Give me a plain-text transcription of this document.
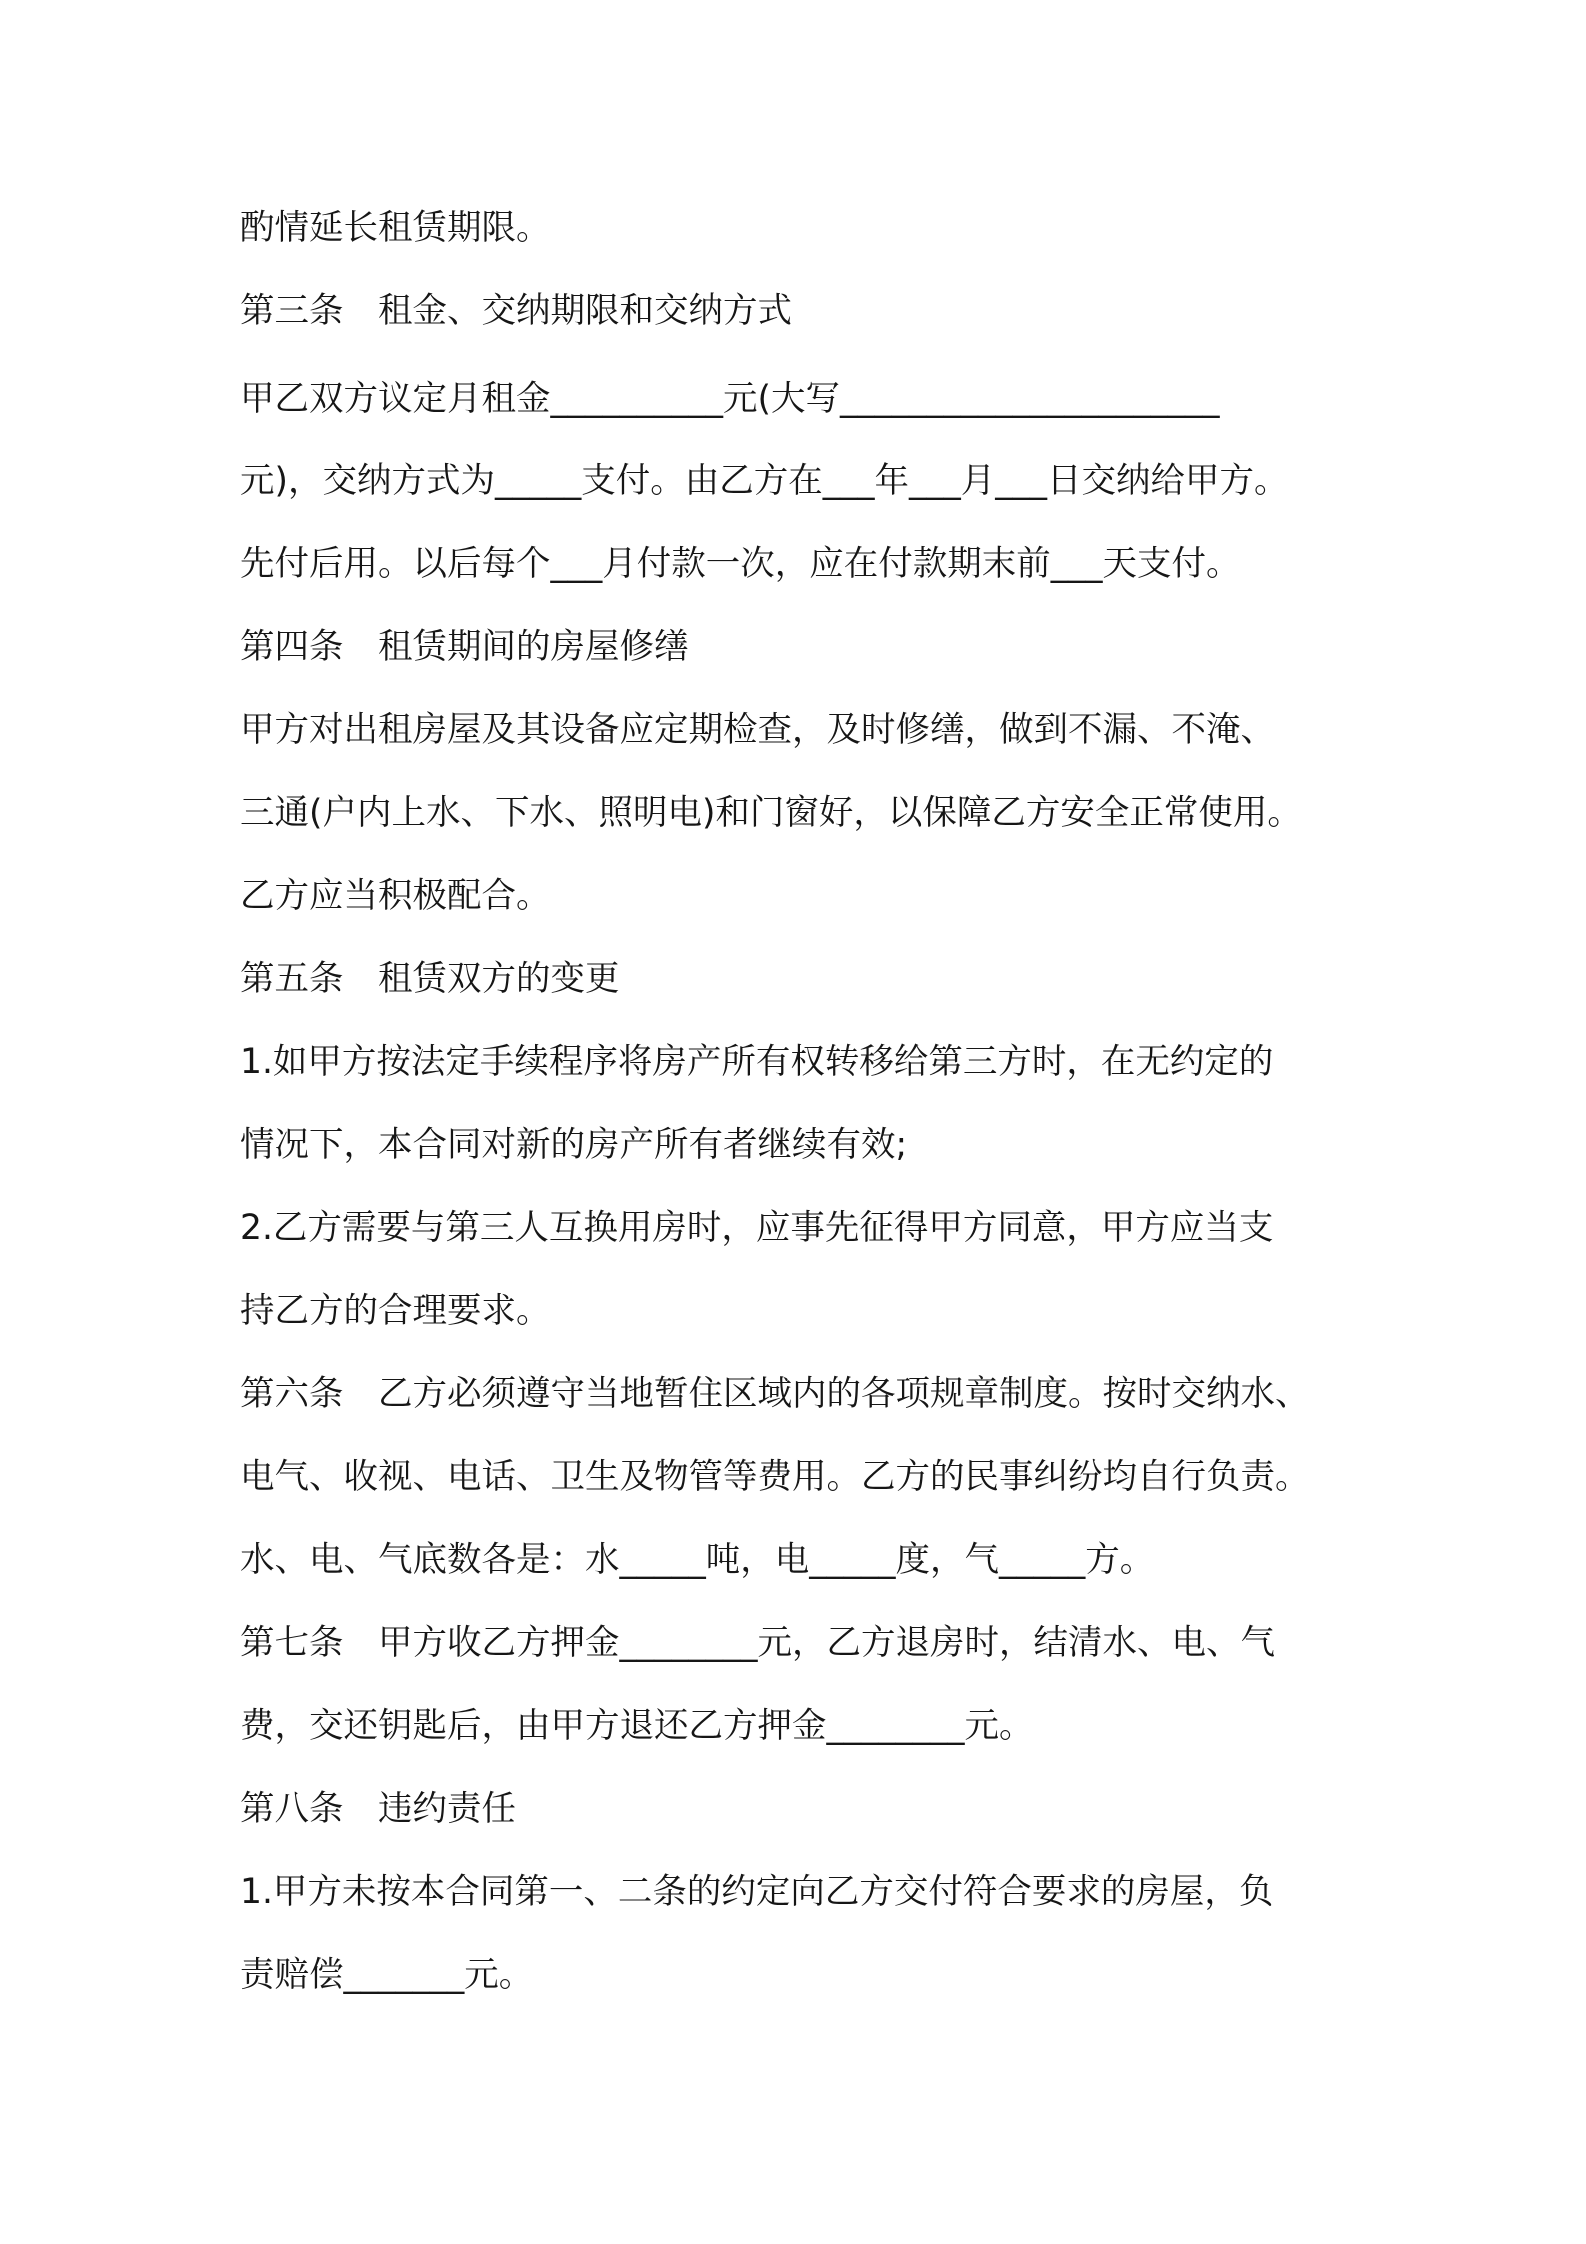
酌情延长租赁期限。
第三条　租金、交纳期限和交纳方式
甲乙双方议定月租金__________元(大写______________________
元)，交纳方式为_____支付。由乙方在___年___月___日交纳给甲方。
先付后用。以后每个___月付款一次，应在付款期末前___天支付。
第四条　租赁期间的房屋修缮
甲方对出租房屋及其设备应定期检查，及时修缮，做到不漏、不淹、
三通(户内上水、下水、照明电)和门窗好，以保障乙方安全正常使用。
乙方应当积极配合。
第五条　租赁双方的变更
1.如甲方按法定手续程序将房产所有权转移给第三方时，在无约定的
情况下，本合同对新的房产所有者继续有效;
2.乙方需要与第三人互换用房时，应事先征得甲方同意，甲方应当支
持乙方的合理要求。
第六条　乙方必须遵守当地暂住区域内的各项规章制度。按时交纳水、
电气、收视、电话、卫生及物管等费用。乙方的民事纠纷均自行负责。
水、电、气底数各是：水_____吨，电_____度，气_____方。
第七条　甲方收乙方押金________元，乙方退房时，结清水、电、气
费，交还钥匙后，由甲方退还乙方押金________元。
第八条　违约责任
1.甲方未按本合同第一、二条的约定向乙方交付符合要求的房屋，负
责赔偿_______元。
